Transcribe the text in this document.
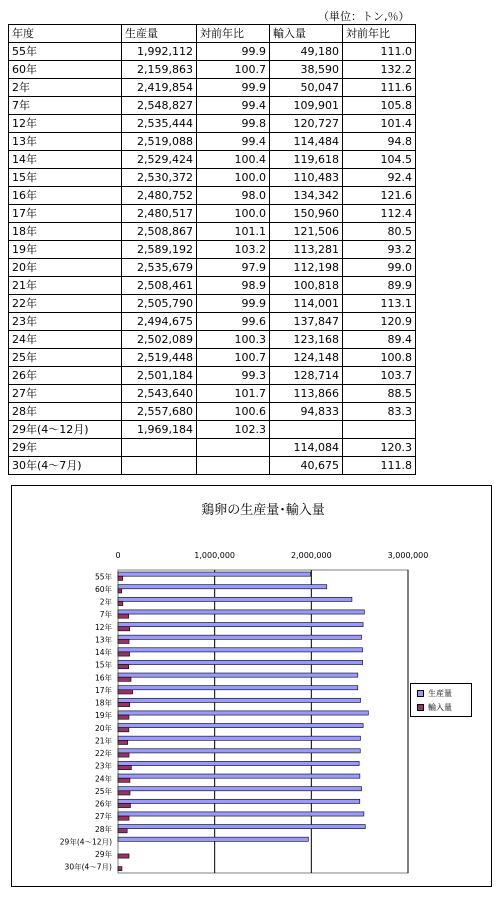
（単位：トン,％）
年度	生産量	対前年比	輸入量	対前年比
55年	1,992,112	99.9	49,180	111.0
60年	2,159,863	100.7	38,590	132.2
2年	2,419,854	99.9	50,047	111.6
7年	2,548,827	99.4	109,901	105.8
12年	2,535,444	99.8	120,727	101.4
13年	2,519,088	99.4	114,484	94.8
14年	2,529,424	100.4	119,618	104.5
15年	2,530,372	100.0	110,483	92.4
16年	2,480,752	98.0	134,342	121.6
17年	2,480,517	100.0	150,960	112.4
18年	2,508,867	101.1	121,506	80.5
19年	2,589,192	103.2	113,281	93.2
20年	2,535,679	97.9	112,198	99.0
21年	2,508,461	98.9	100,818	89.9
22年	2,505,790	99.9	114,001	113.1
23年	2,494,675	99.6	137,847	120.9
24年	2,502,089	100.3	123,168	89.4
25年	2,519,448	100.7	124,148	100.8
26年	2,501,184	99.3	128,714	103.7
27年	2,543,640	101.7	113,866	88.5
28年	2,557,680	100.6	94,833	83.3
29年(4～12月)	1,969,184	102.3		
29年			114,084	120.3
30年(4～7月)			40,675	111.8
鶏卵の生産量･輸入量
0	1,000,000	2,000,000	3,000,000
55年
60年
2年
7年
12年
13年
14年
15年
16年
17年
18年
19年
20年
21年
22年
23年
24年
25年
26年
27年
28年
29年(4～12月)
29年
30年(4～7月)
生産量
輸入量
